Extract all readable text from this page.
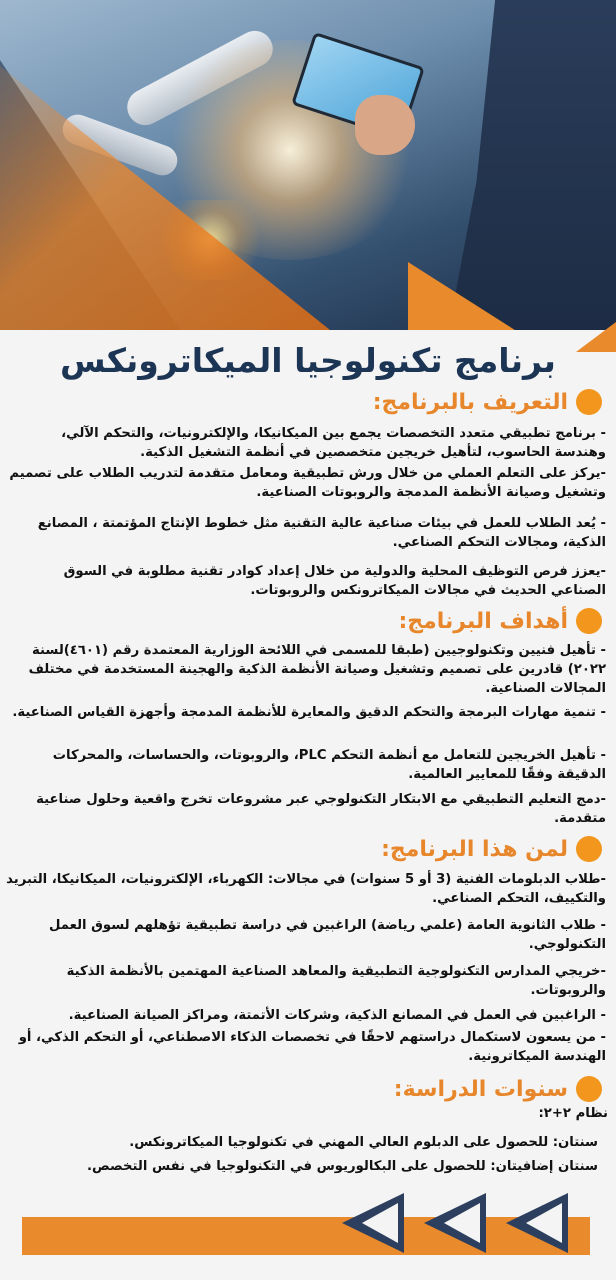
برنامج تكنولوجيا الميكاترونكس
التعريف بالبرنامج:

- برنامج تطبيقي متعدد التخصصات يجمع بين الميكانيكا، والإلكترونيات، والتحكم الآلي، وهندسة الحاسوب، لتأهيل خريجين متخصصين في أنظمة التشغيل الذكية.

-يركز على التعلم العملي من خلال ورش تطبيقية ومعامل متقدمة لتدريب الطلاب على تصميم وتشغيل وصيانة الأنظمة المدمجة والروبوتات الصناعية.

- يُعد الطلاب للعمل في بيئات صناعية عالية التقنية مثل خطوط الإنتاج المؤتمتة ، المصانع الذكية، ومجالات التحكم الصناعي.

-يعزز فرص التوظيف المحلية والدولية من خلال إعداد كوادر تقنية مطلوبة في السوق الصناعي الحديث في مجالات الميكاترونكس والروبوتات.

أهداف البرنامج:

- تأهيل فنيين وتكنولوجيين (طبقا للمسمى في اللائحة الوزارية المعتمدة رقم (٤٦٠١)لسنة ٢٠٢٢) قادرين على تصميم وتشغيل وصيانة الأنظمة الذكية والهجينة المستخدمة في مختلف المجالات الصناعية.

- تنمية مهارات البرمجة والتحكم الدقيق والمعايرة للأنظمة المدمجة وأجهزة القياس الصناعية.

- تأهيل الخريجين للتعامل مع أنظمة التحكم PLC، والروبوتات، والحساسات، والمحركات الدقيقة وفقًا للمعايير العالمية.

-دمج التعليم التطبيقي مع الابتكار التكنولوجي عبر مشروعات تخرج واقعية وحلول صناعية متقدمة.

لمن هذا البرنامج:

-طلاب الدبلومات الفنية (3 أو 5 سنوات) في مجالات: الكهرباء، الإلكترونيات، الميكانيكا، التبريد والتكييف، التحكم الصناعي.

- طلاب الثانوية العامة (علمي رياضة) الراغبين في دراسة تطبيقية تؤهلهم لسوق العمل التكنولوجي.

-خريجي المدارس التكنولوجية التطبيقية والمعاهد الصناعية المهتمين بالأنظمة الذكية والروبوتات.

- الراغبين في العمل في المصانع الذكية، وشركات الأتمتة، ومراكز الصيانة الصناعية.

- من يسعون لاستكمال دراستهم لاحقًا في تخصصات الذكاء الاصطناعي، أو التحكم الذكي، أو الهندسة الميكاترونية.

سنوات الدراسة:

نظام ٢+٢:

سنتان: للحصول على الدبلوم العالي المهني في تكنولوجيا الميكاترونكس.

سنتان إضافيتان: للحصول على البكالوريوس في التكنولوجيا في نفس التخصص.
